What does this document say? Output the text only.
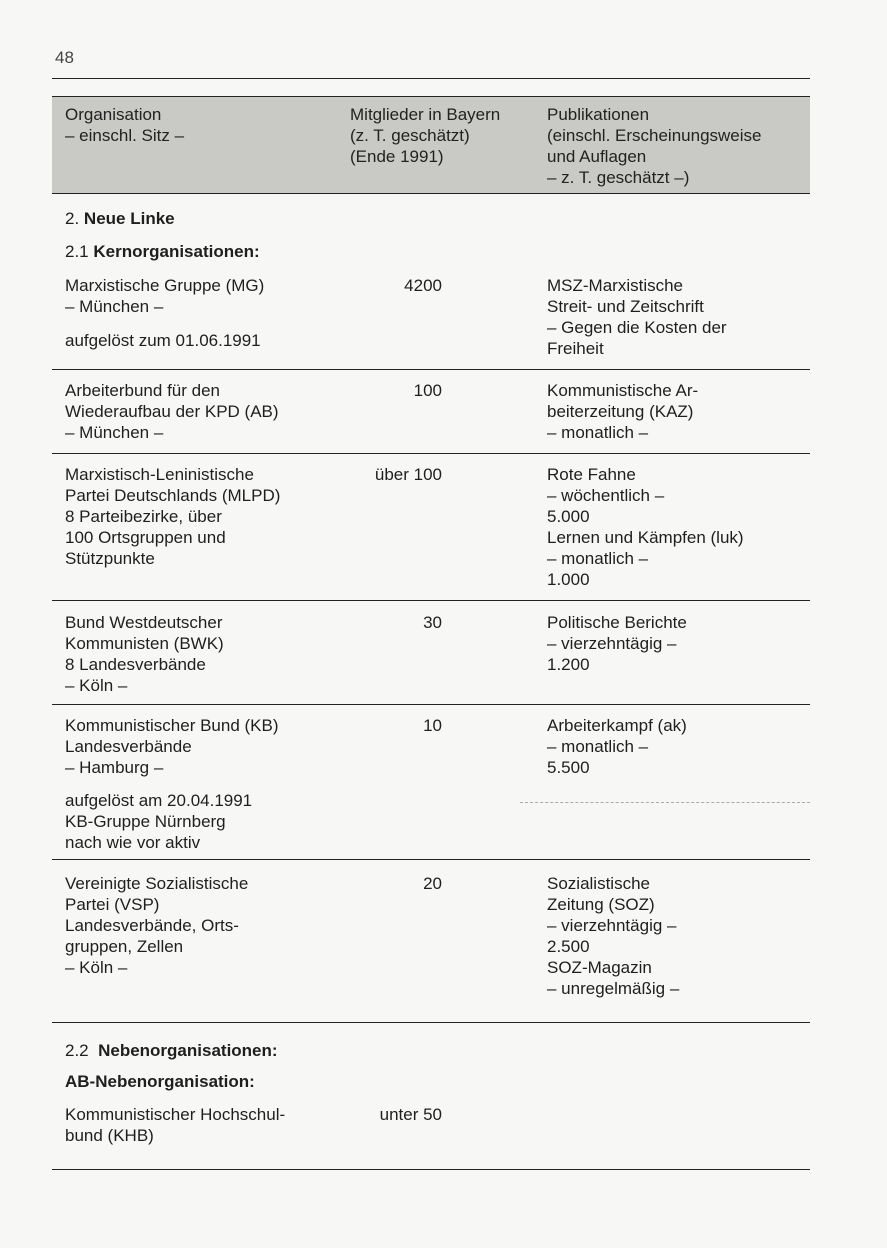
48
Organisation
– einschl. Sitz –
Mitglieder in Bayern
(z. T. geschätzt)
(Ende 1991)
Publikationen
(einschl. Erscheinungsweise
und Auflagen
– z. T. geschätzt –)
2. Neue Linke
2.1 Kernorganisationen:
Marxistische Gruppe (MG)
– München –
aufgelöst zum 01.06.1991
4200	MSZ-Marxistische
Streit- und Zeitschrift
– Gegen die Kosten der
Freiheit
Arbeiterbund für den
Wiederaufbau der KPD (AB)
– München –
100	Kommunistische Ar-
beiterzeitung (KAZ)
– monatlich –
Marxistisch-Leninistische
Partei Deutschlands (MLPD)
8 Parteibezirke, über
100 Ortsgruppen und
Stützpunkte
über 100	Rote Fahne
– wöchentlich –
5.000
Lernen und Kämpfen (luk)
– monatlich –
1.000
Bund Westdeutscher
Kommunisten (BWK)
8 Landesverbände
– Köln –
30	Politische Berichte
– vierzehntägig –
1.200
Kommunistischer Bund (KB)
Landesverbände
– Hamburg –
aufgelöst am 20.04.1991
KB-Gruppe Nürnberg
nach wie vor aktiv
10	Arbeiterkampf (ak)
– monatlich –
5.500
Vereinigte Sozialistische
Partei (VSP)
Landesverbände, Orts-
gruppen, Zellen
– Köln –
20	Sozialistische
Zeitung (SOZ)
– vierzehntägig –
2.500
SOZ-Magazin
– unregelmäßig –
2.2 Nebenorganisationen:
AB-Nebenorganisation:
Kommunistischer Hochschul-
bund (KHB)
unter 50
